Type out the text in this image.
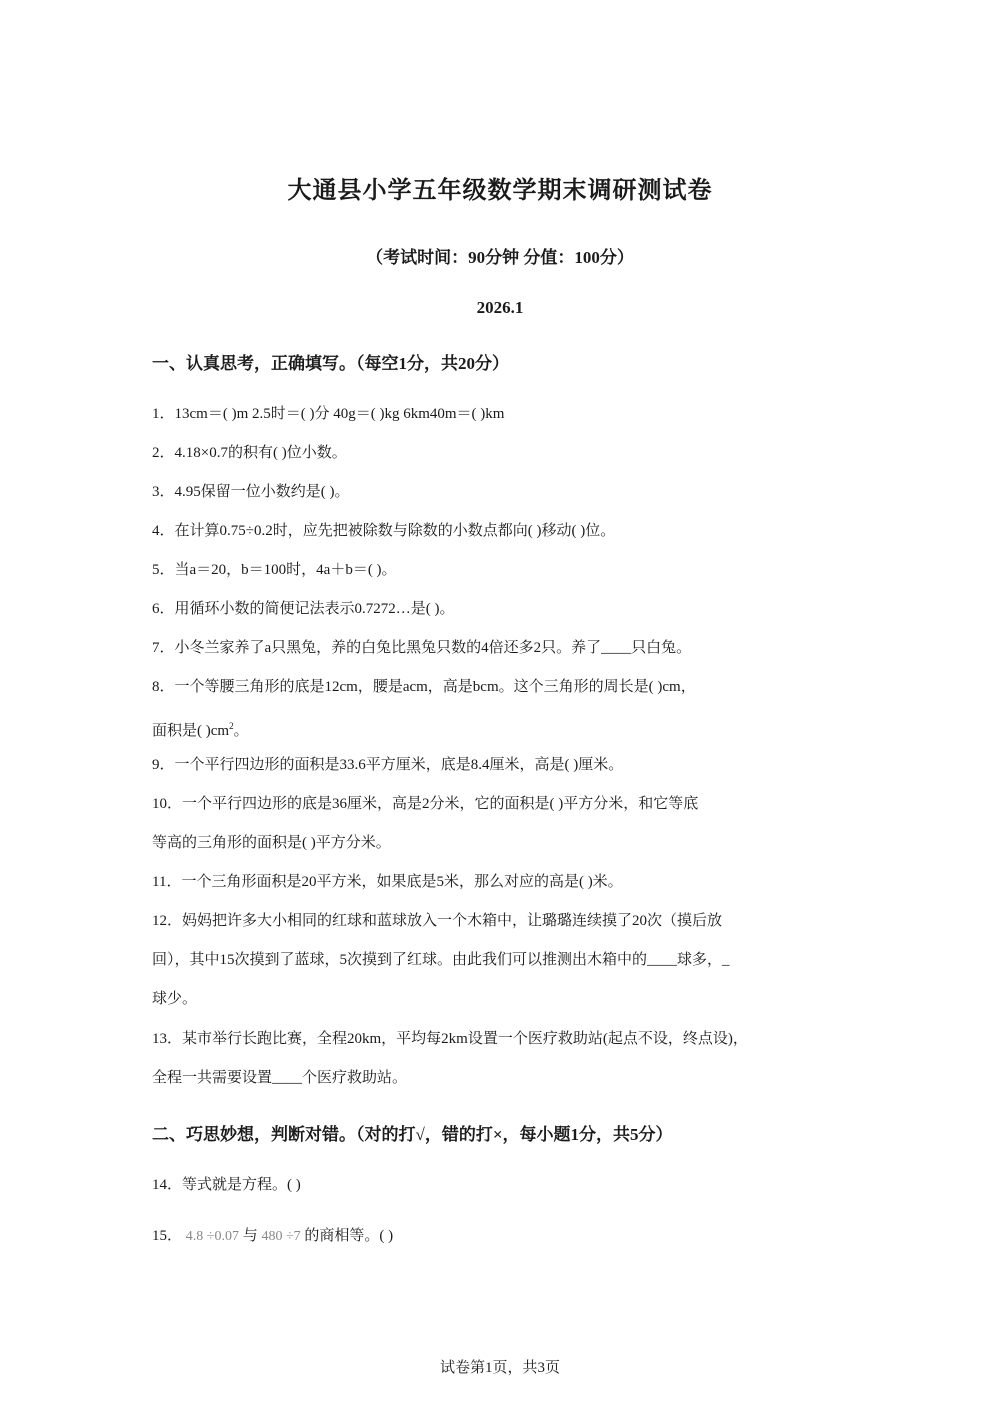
大通县小学五年级数学期末调研测试卷
（考试时间：90分钟 分值：100分）
2026.1
一、认真思考，正确填写。（每空1分，共20分）
1．13cm＝( )m 2.5时＝( )分 40g＝( )kg 6km40m＝( )km
2．4.18×0.7的积有( )位小数。
3．4.95保留一位小数约是( )。
4．在计算0.75÷0.2时，应先把被除数与除数的小数点都向( )移动( )位。
5．当a＝20，b＝100时，4a＋b＝( )。
6．用循环小数的简便记法表示0.7272…是( )。
7．小冬兰家养了a只黑兔，养的白兔比黑兔只数的4倍还多2只。养了____只白兔。
8．一个等腰三角形的底是12cm，腰是acm，高是bcm。这个三角形的周长是( )cm，
面积是( )$cm^2$。
9．一个平行四边形的面积是33.6平方厘米，底是8.4厘米，高是( )厘米。
10．一个平行四边形的底是36厘米，高是2分米，它的面积是( )平方分米，和它等底
等高的三角形的面积是( )平方分米。
11．一个三角形面积是20平方米，如果底是5米，那么对应的高是( )米。
12．妈妈把许多大小相同的红球和蓝球放入一个木箱中，让璐璐连续摸了20次（摸后放
回），其中15次摸到了蓝球，5次摸到了红球。由此我们可以推测出木箱中的____球多，_
球少。
13．某市举行长跑比赛，全程20km，平均每2km设置一个医疗救助站(起点不设，终点设)，
全程一共需要设置____个医疗救助站。
二、巧思妙想，判断对错。（对的打√，错的打×，每小题1分，共5分）
14．等式就是方程。( )
15． 4.8 ÷0.07 与 480 ÷7 的商相等。( )
试卷第1页，共3页
